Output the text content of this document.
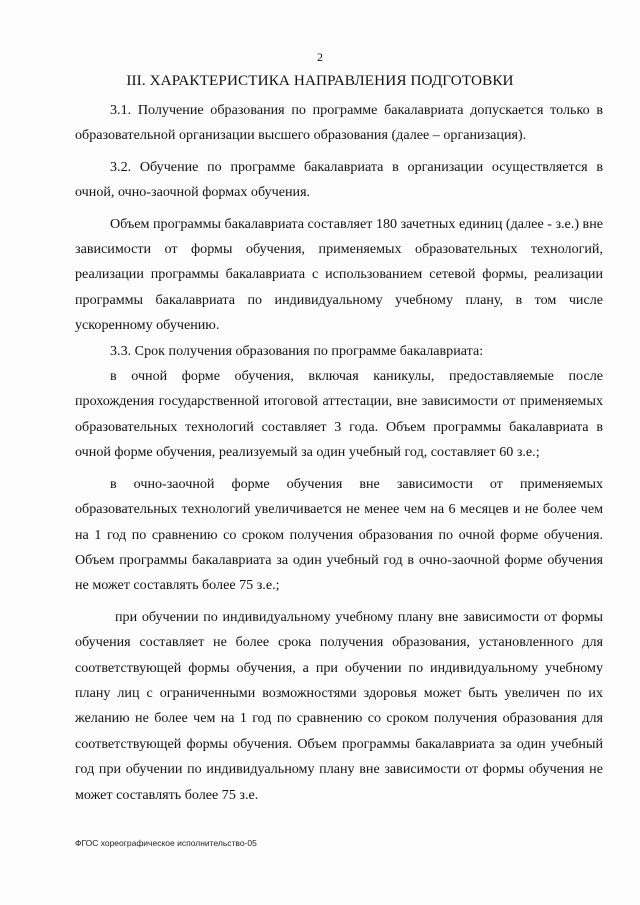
2
III. ХАРАКТЕРИСТИКА НАПРАВЛЕНИЯ ПОДГОТОВКИ

3.1. Получение образования по программе бакалавриата допускается только в образовательной организации высшего образования (далее – организация).

3.2. Обучение по программе бакалавриата в организации осуществляется в очной, очно-заочной формах обучения.

Объем программы бакалавриата составляет 180 зачетных единиц (далее - з.е.) вне зависимости от формы обучения, применяемых образовательных технологий, реализации программы бакалавриата с использованием сетевой формы, реализации программы бакалавриата по индивидуальному учебному плану, в том числе ускоренному обучению.

3.3. Срок получения образования по программе бакалавриата:

в очной форме обучения, включая каникулы, предоставляемые после прохождения государственной итоговой аттестации, вне зависимости от применяемых образовательных технологий составляет 3 года. Объем программы бакалавриата в очной форме обучения, реализуемый за один учебный год, составляет 60 з.е.;

в очно-заочной форме обучения вне зависимости от применяемых образовательных технологий увеличивается не менее чем на 6 месяцев и не более чем на 1 год по сравнению со сроком получения образования по очной форме обучения. Объем программы бакалавриата за один учебный год в очно-заочной форме обучения не может составлять более 75 з.е.;

при обучении по индивидуальному учебному плану вне зависимости от формы обучения составляет не более срока получения образования, установленного для соответствующей формы обучения, а при обучении по индивидуальному учебному плану лиц с ограниченными возможностями здоровья может быть увеличен по их желанию не более чем на 1 год по сравнению со сроком получения образования для соответствующей формы обучения. Объем программы бакалавриата за один учебный год при обучении по индивидуальному плану вне зависимости от формы обучения не может составлять более 75 з.е.

ФГОС хореографическое исполнительство-05
